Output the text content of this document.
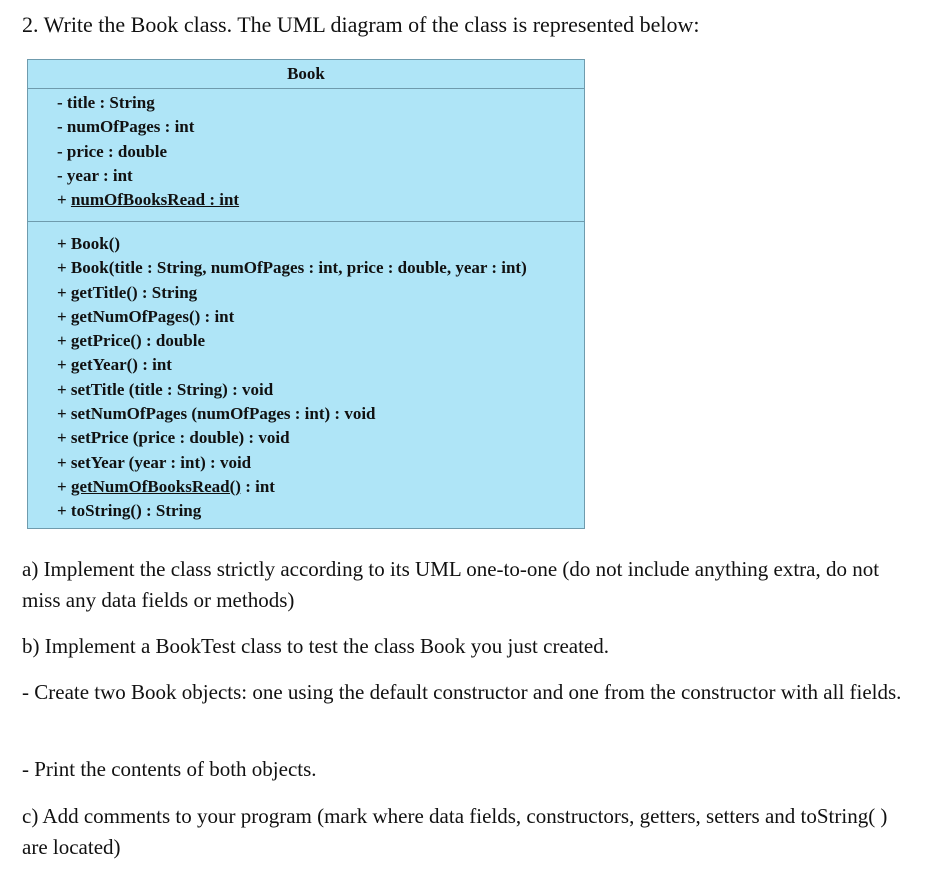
2. Write the Book class. The UML diagram of the class is represented below:
Book
- title : String
- numOfPages : int
- price : double
- year : int
+ numOfBooksRead : int
+ Book()
+ Book(title : String, numOfPages : int, price : double, year : int)
+ getTitle() : String
+ getNumOfPages() : int
+ getPrice() : double
+ getYear() : int
+ setTitle (title : String) : void
+ setNumOfPages (numOfPages : int) : void
+ setPrice (price : double) : void
+ setYear (year : int) : void
+ getNumOfBooksRead() : int
+ toString() : String
a) Implement the class strictly according to its UML one-to-one (do not include anything extra, do not miss any data fields or methods)
b) Implement a BookTest class to test the class Book you just created.
- Create two Book objects: one using the default constructor and one from the constructor with all fields.
- Print the contents of both objects.
c) Add comments to your program (mark where data fields, constructors, getters, setters and toString( ) are located)
